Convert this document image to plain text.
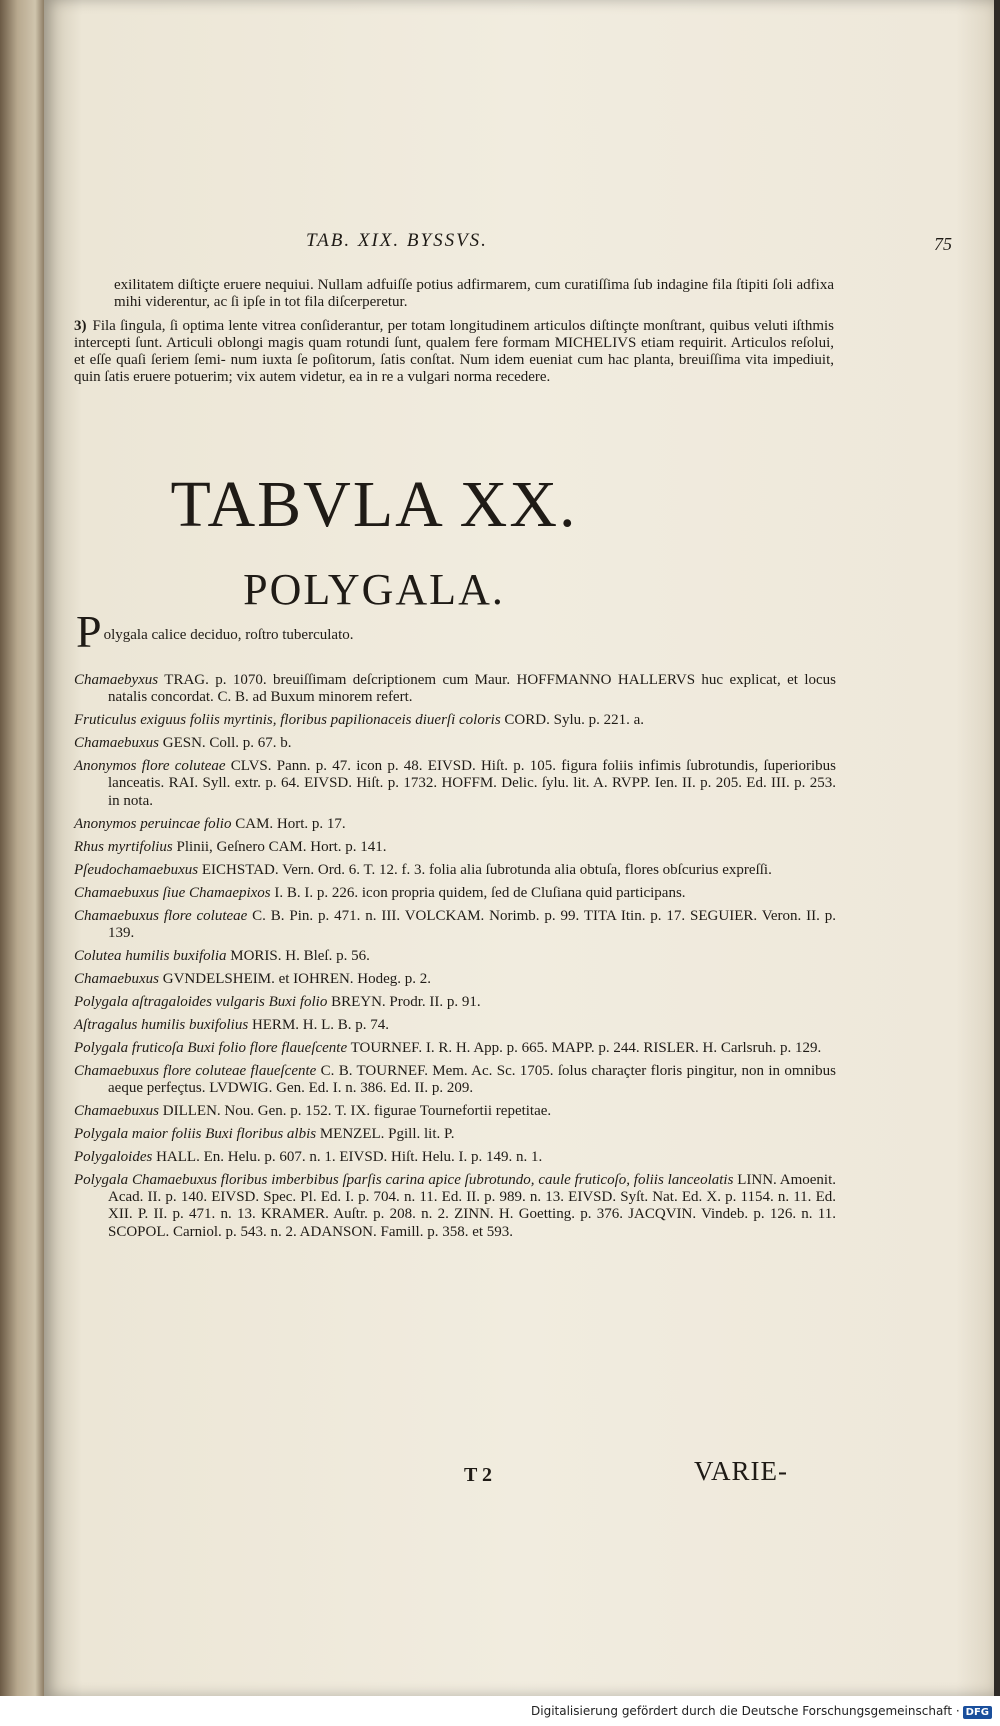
TAB. XIX. BYSSVS.	75

exilitatem diſtiçte eruere nequiui. Nullam adfuiſſe potius adfirmarem, cum curatiſſima ſub indagine fila ſtipiti ſoli adfixa mihi viderentur, ac ſi ipſe in tot fila diſcerperetur.

3) Fila ſingula, ſi optima lente vitrea conſiderantur, per totam longitudinem articulos diſtinçte monſtrant, quibus veluti iſthmis intercepti ſunt. Articuli oblongi magis quam rotundi ſunt, qualem fere formam MICHELIVS etiam requirit. Articulos reſolui, et eſſe quaſi ſeriem ſemi- num iuxta ſe poſitorum, ſatis conſtat. Num idem eueniat cum hac planta, breuiſſima vita impediuit, quin ſatis eruere potuerim; vix autem videtur, ea in re a vulgari norma recedere.
TABVLA XX.
POLYGALA.
Polygala calice deciduo, roſtro tuberculato.
Chamaebyxus TRAG. p. 1070. breuiſſimam deſcriptionem cum Maur. HOFFMANNO HALLERVS huc explicat, et locus natalis concordat. C. B. ad Buxum minorem refert.
Fruticulus exiguus foliis myrtinis, floribus papilionaceis diuerſi coloris CORD. Sylu. p. 221. a.
Chamaebuxus GESN. Coll. p. 67. b.
Anonymos flore coluteae CLVS. Pann. p. 47. icon p. 48. EIVSD. Hiſt. p. 105. figura foliis infimis ſubrotundis, ſuperioribus lanceatis. RAI. Syll. extr. p. 64. EIVSD. Hiſt. p. 1732. HOFFM. Delic. ſylu. lit. A. RVPP. Ien. II. p. 205. Ed. III. p. 253. in nota.
Anonymos peruincae folio CAM. Hort. p. 17.
Rhus myrtifolius Plinii, Geſnero CAM. Hort. p. 141.
Pſeudochamaebuxus EICHSTAD. Vern. Ord. 6. T. 12. f. 3. folia alia ſubrotunda alia obtuſa, flores obſcurius expreſſi.
Chamaebuxus ſiue Chamaepixos I. B. I. p. 226. icon propria quidem, ſed de Cluſiana quid participans.
Chamaebuxus flore coluteae C. B. Pin. p. 471. n. III. VOLCKAM. Norimb. p. 99. TITA Itin. p. 17. SEGUIER. Veron. II. p. 139.
Colutea humilis buxifolia MORIS. H. Bleſ. p. 56.
Chamaebuxus GVNDELSHEIM. et IOHREN. Hodeg. p. 2.
Polygala aſtragaloides vulgaris Buxi folio BREYN. Prodr. II. p. 91.
Aſtragalus humilis buxifolius HERM. H. L. B. p. 74.
Polygala fruticoſa Buxi folio flore flaueſcente TOURNEF. I. R. H. App. p. 665. MAPP. p. 244. RISLER. H. Carlsruh. p. 129.
Chamaebuxus flore coluteae flaueſcente C. B. TOURNEF. Mem. Ac. Sc. 1705. ſolus charaçter floris pingitur, non in omnibus aeque perfeçtus. LVDWIG. Gen. Ed. I. n. 386. Ed. II. p. 209.
Chamaebuxus DILLEN. Nou. Gen. p. 152. T. IX. figurae Tournefortii repetitae.
Polygala maior foliis Buxi floribus albis MENZEL. Pgill. lit. P.
Polygaloides HALL. En. Helu. p. 607. n. 1. EIVSD. Hiſt. Helu. I. p. 149. n. 1.
Polygala Chamaebuxus floribus imberbibus ſparſis carina apice ſubrotundo, caule fruticoſo, foliis lanceolatis LINN. Amoenit. Acad. II. p. 140. EIVSD. Spec. Pl. Ed. I. p. 704. n. 11. Ed. II. p. 989. n. 13. EIVSD. Syſt. Nat. Ed. X. p. 1154. n. 11. Ed. XII. P. II. p. 471. n. 13. KRAMER. Auſtr. p. 208. n. 2. ZINN. H. Goetting. p. 376. JACQVIN. Vindeb. p. 126. n. 11. SCOPOL. Carniol. p. 543. n. 2. ADANSON. Famill. p. 358. et 593.
T 2	VARIE-
Digitalisierung gefördert durch die Deutsche Forschungsgemeinschaft · DFG
